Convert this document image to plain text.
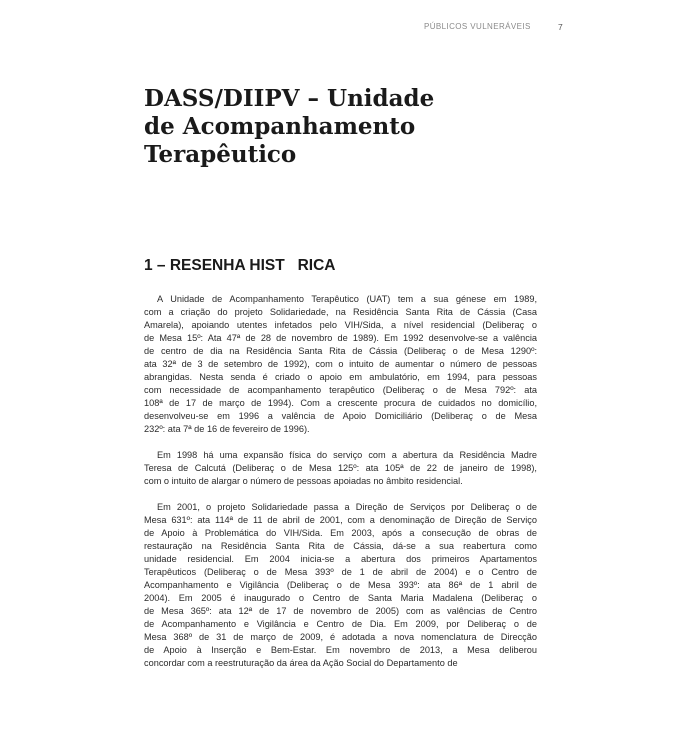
PÚBLICOS VULNERÁVEIS	7
DASS/DIIPV – Unidade
de Acompanhamento
Terapêutico
1 – RESENHA HIST   RICA

A Unidade de Acompanhamento Terapêutico (UAT) tem a sua génese em 1989,
com a criação do projeto Solidariedade, na Residência Santa Rita de Cássia (Casa
Amarela), apoiando utentes infetados pelo VIH/Sida, a nível residencial (Deliberaç o
de Mesa 15º: Ata 47ª de 28 de novembro de 1989). Em 1992 desenvolve-se a valência
de centro de dia na Residência Santa Rita de Cássia (Deliberaç o de Mesa 1290º:
ata 32ª de 3 de setembro de 1992), com o intuito de aumentar o número de pessoas
abrangidas. Nesta senda é criado o apoio em ambulatório, em 1994, para pessoas
com necessidade de acompanhamento terapêutico (Deliberaç o de Mesa 792º: ata
108ª de 17 de março de 1994). Com a crescente procura de cuidados no domicílio,
desenvolveu-se em 1996 a valência de Apoio Domiciliário (Deliberaç o de Mesa
232º: ata 7ª de 16 de fevereiro de 1996).

Em 1998 há uma expansão física do serviço com a abertura da Residência Madre
Teresa de Calcutá (Deliberaç o de Mesa 125º: ata 105ª de 22 de janeiro de 1998),
com o intuito de alargar o número de pessoas apoiadas no âmbito residencial.

Em 2001, o projeto Solidariedade passa a Direção de Serviços por Deliberaç o de
Mesa 631º: ata 114ª de 11 de abril de 2001, com a denominação de Direção de Serviço
de Apoio à Problemática do VIH/Sida. Em 2003, após a consecução de obras de
restauração na Residência Santa Rita de Cássia, dá-se a sua reabertura como
unidade residencial. Em 2004 inicia-se a abertura dos primeiros Apartamentos
Terapêuticos (Deliberaç o de Mesa 393º de 1 de abril de 2004) e o Centro de
Acompanhamento e Vigilância (Deliberaç o de Mesa 393º: ata 86ª de 1 abril de
2004). Em 2005 é inaugurado o Centro de Santa Maria Madalena (Deliberaç o
de Mesa 365º: ata 12ª de 17 de novembro de 2005) com as valências de Centro
de Acompanhamento e Vigilância e Centro de Dia. Em 2009, por Deliberaç o de
Mesa 368º de 31 de março de 2009, é adotada a nova nomenclatura de Direcção
de Apoio à Inserção e Bem-Estar. Em novembro de 2013, a Mesa deliberou
concordar com a reestruturação da área da Ação Social do Departamento de
